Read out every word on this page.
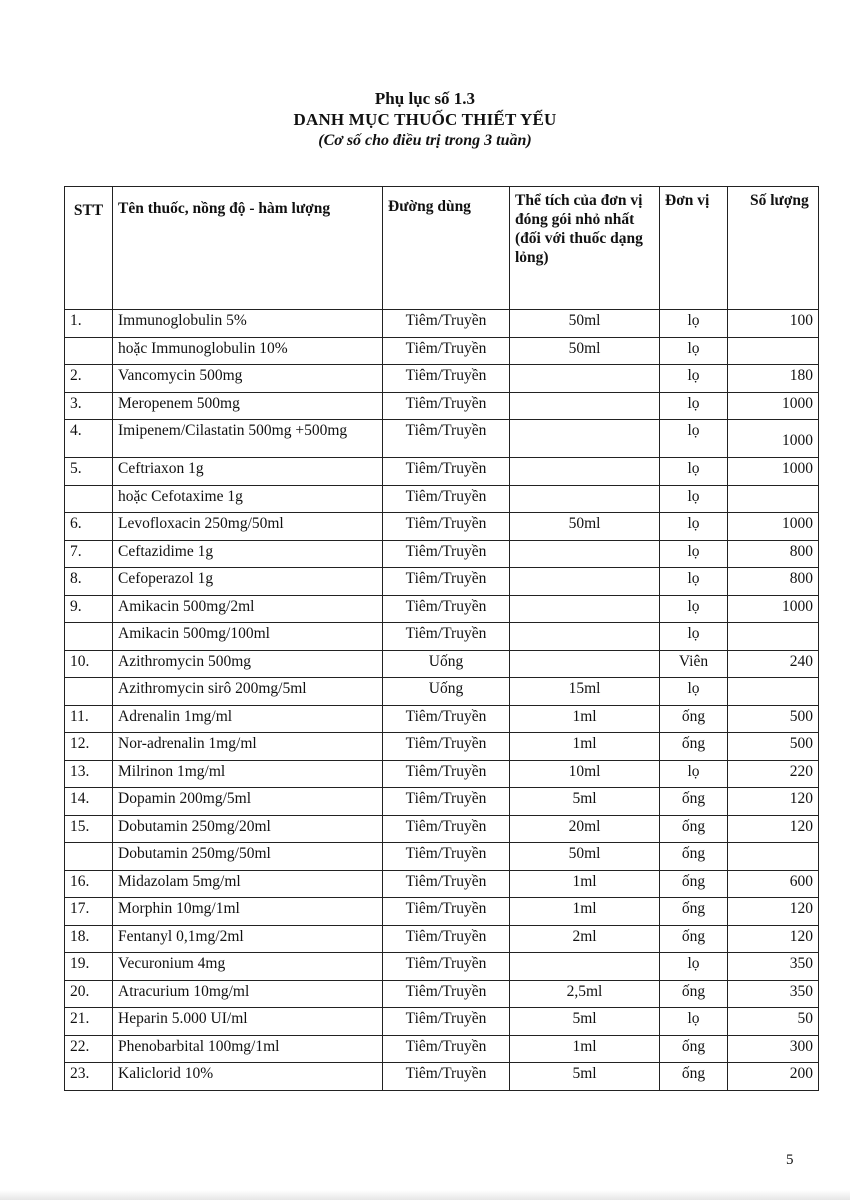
Phụ lục số 1.3
DANH MỤC THUỐC THIẾT YẾU
(Cơ số cho điều trị trong 3 tuần)
STT	Tên thuốc, nồng độ - hàm lượng	Đường dùng	Thể tích của đơn vị đóng gói nhỏ nhất (đối với thuốc dạng lỏng)	Đơn vị	Số lượng
1.	Immunoglobulin 5%	Tiêm/Truyền	50ml	lọ	100
	hoặc Immunoglobulin 10%	Tiêm/Truyền	50ml	lọ	
2.	Vancomycin 500mg	Tiêm/Truyền		lọ	180
3.	Meropenem 500mg	Tiêm/Truyền		lọ	1000
4.	Imipenem/Cilastatin 500mg +500mg	Tiêm/Truyền		lọ	1000
5.	Ceftriaxon 1g	Tiêm/Truyền		lọ	1000
	hoặc Cefotaxime 1g	Tiêm/Truyền		lọ	
6.	Levofloxacin 250mg/50ml	Tiêm/Truyền	50ml	lọ	1000
7.	Ceftazidime 1g	Tiêm/Truyền		lọ	800
8.	Cefoperazol 1g	Tiêm/Truyền		lọ	800
9.	Amikacin 500mg/2ml	Tiêm/Truyền		lọ	1000
	Amikacin 500mg/100ml	Tiêm/Truyền		lọ	
10.	Azithromycin 500mg	Uống		Viên	240
	Azithromycin sirô 200mg/5ml	Uống	15ml	lọ	
11.	Adrenalin 1mg/ml	Tiêm/Truyền	1ml	ống	500
12.	Nor-adrenalin 1mg/ml	Tiêm/Truyền	1ml	ống	500
13.	Milrinon 1mg/ml	Tiêm/Truyền	10ml	lọ	220
14.	Dopamin 200mg/5ml	Tiêm/Truyền	5ml	ống	120
15.	Dobutamin 250mg/20ml	Tiêm/Truyền	20ml	ống	120
	Dobutamin 250mg/50ml	Tiêm/Truyền	50ml	ống	
16.	Midazolam 5mg/ml	Tiêm/Truyền	1ml	ống	600
17.	Morphin 10mg/1ml	Tiêm/Truyền	1ml	ống	120
18.	Fentanyl 0,1mg/2ml	Tiêm/Truyền	2ml	ống	120
19.	Vecuronium 4mg	Tiêm/Truyền		lọ	350
20.	Atracurium 10mg/ml	Tiêm/Truyền	2,5ml	ống	350
21.	Heparin 5.000 UI/ml	Tiêm/Truyền	5ml	lọ	50
22.	Phenobarbital 100mg/1ml	Tiêm/Truyền	1ml	ống	300
23.	Kaliclorid 10%	Tiêm/Truyền	5ml	ống	200
5
